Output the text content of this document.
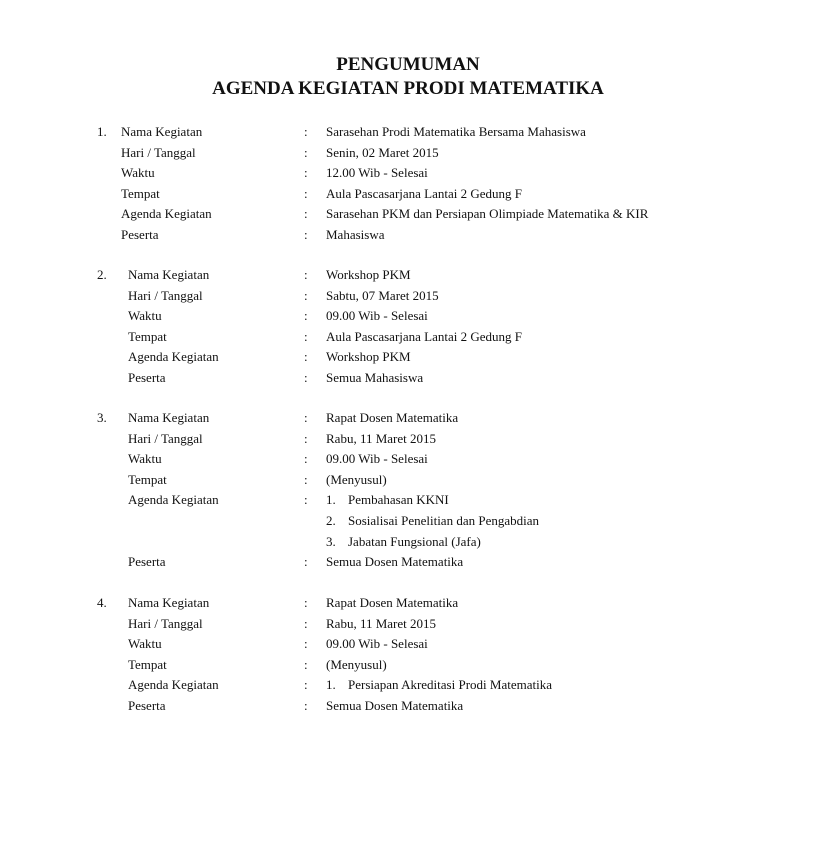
PENGUMUMAN
AGENDA KEGIATAN PRODI MATEMATIKA
1. Nama Kegiatan	: Sarasehan Prodi Matematika Bersama Mahasiswa
Hari / Tanggal	: Senin, 02 Maret 2015
Waktu	: 12.00 Wib - Selesai
Tempat	: Aula Pascasarjana Lantai 2 Gedung F
Agenda Kegiatan	: Sarasehan PKM dan Persiapan Olimpiade Matematika & KIR
Peserta	: Mahasiswa
2. Nama Kegiatan	: Workshop PKM
Hari / Tanggal	: Sabtu, 07 Maret 2015
Waktu	: 09.00 Wib - Selesai
Tempat	: Aula Pascasarjana Lantai 2 Gedung F
Agenda Kegiatan	: Workshop PKM
Peserta	: Semua Mahasiswa
3. Nama Kegiatan	: Rapat Dosen Matematika
Hari / Tanggal	: Rabu, 11 Maret 2015
Waktu	: 09.00 Wib - Selesai
Tempat	: (Menyusul)
Agenda Kegiatan	: 1. Pembahasan KKNI
2. Sosialisai Penelitian dan Pengabdian
3. Jabatan Fungsional (Jafa)
Peserta	: Semua Dosen Matematika
4. Nama Kegiatan	: Rapat Dosen Matematika
Hari / Tanggal	: Rabu, 11 Maret 2015
Waktu	: 09.00 Wib - Selesai
Tempat	: (Menyusul)
Agenda Kegiatan	: 1. Persiapan Akreditasi Prodi Matematika
Peserta	: Semua Dosen Matematika
